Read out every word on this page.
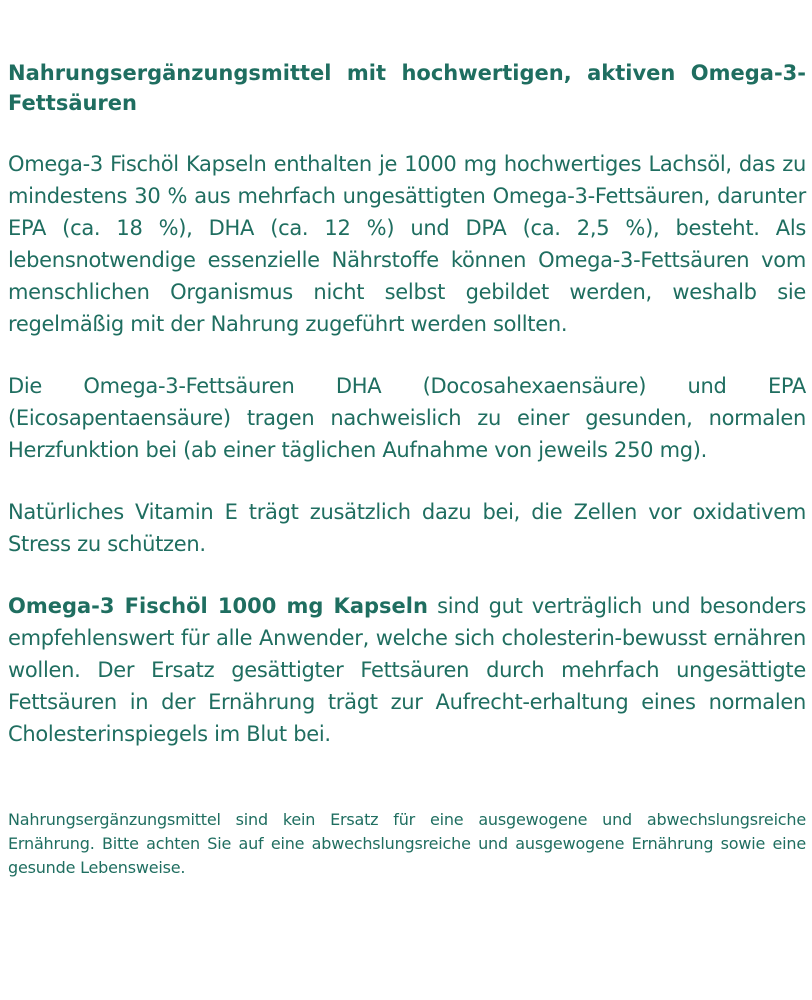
Nahrungsergänzungsmittel mit hochwertigen, aktiven Omega-3-Fettsäuren

Omega-3 Fischöl Kapseln enthalten je 1000 mg hochwertiges Lachsöl, das zu mindestens 30 % aus mehrfach ungesättigten Omega-3-Fettsäuren, darunter EPA (ca. 18 %), DHA (ca. 12 %) und DPA (ca. 2,5 %), besteht. Als lebensnotwendige essenzielle Nährstoffe können Omega-3-Fettsäuren vom menschlichen Organismus nicht selbst gebildet werden, weshalb sie regelmäßig mit der Nahrung zugeführt werden sollten.

Die Omega-3-Fettsäuren DHA (Docosahexaensäure) und EPA (Eicosapentaensäure) tragen nachweislich zu einer gesunden, normalen Herzfunktion bei (ab einer täglichen Aufnahme von jeweils 250 mg).

Natürliches Vitamin E trägt zusätzlich dazu bei, die Zellen vor oxidativem Stress zu schützen.

Omega-3 Fischöl 1000 mg Kapseln sind gut verträglich und besonders empfehlenswert für alle Anwender, welche sich cholesterin-bewusst ernähren wollen. Der Ersatz gesättigter Fettsäuren durch mehrfach ungesättigte Fettsäuren in der Ernährung trägt zur Aufrecht-erhaltung eines normalen Cholesterinspiegels im Blut bei.

Nahrungsergänzungsmittel sind kein Ersatz für eine ausgewogene und abwechslungsreiche Ernährung. Bitte achten Sie auf eine abwechslungsreiche und ausgewogene Ernährung sowie eine gesunde Lebensweise.
